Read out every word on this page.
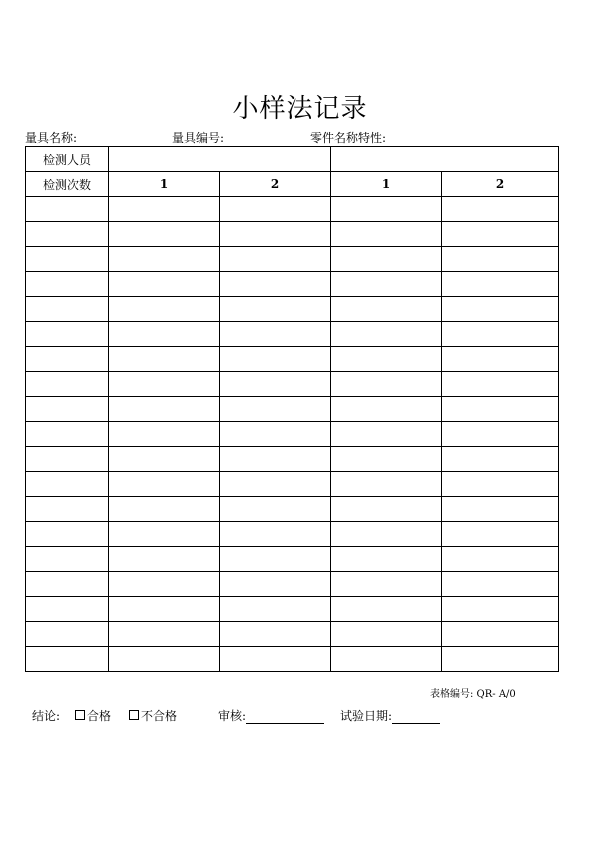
小样法记录
量具名称:	量具编号:	零件名称特性:
检测人员				
检测次数	1	2	1	2

表格编号: QR- A/0
结论:	合格	不合格	审核:	试验日期:
